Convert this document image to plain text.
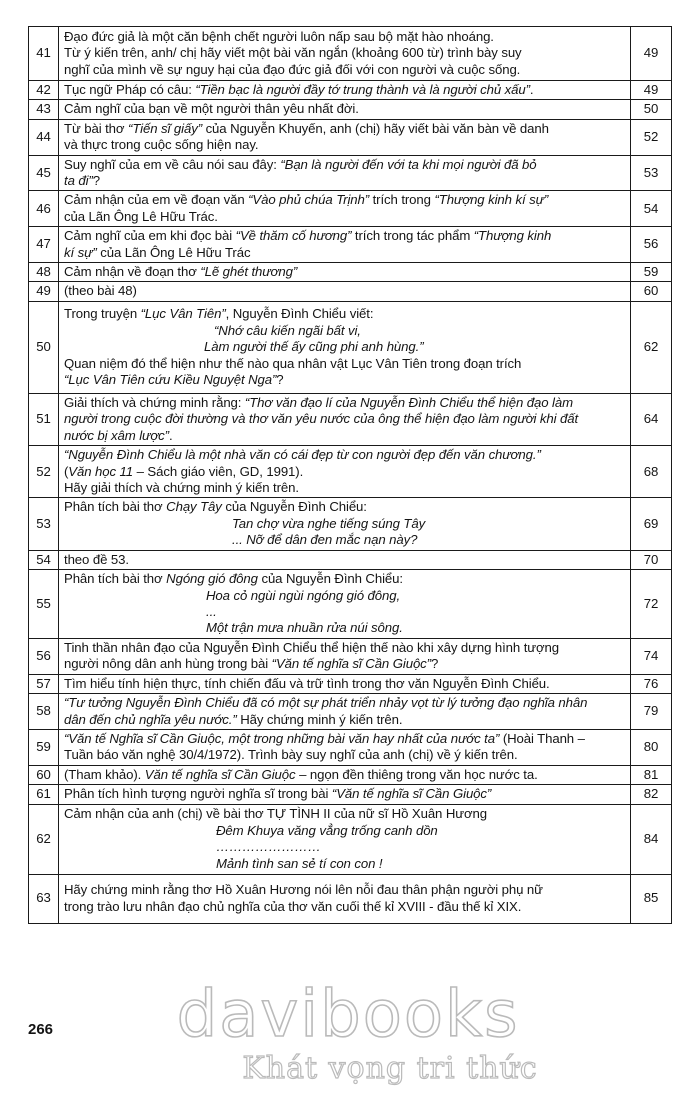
41	Đạo đức giả là một căn bệnh chết người luôn nấp sau bộ mặt hào nhoáng.
Từ ý kiến trên, anh/ chị hãy viết một bài văn ngắn (khoảng 600 từ) trình bày suy
nghĩ của mình về sự nguy hại của đạo đức giả đối với con người và cuộc sống.	49
42	Tục ngữ Pháp có câu: “Tiền bạc là người đầy tớ trung thành và là người chủ xấu”.	49
43	Cảm nghĩ của bạn về một người thân yêu nhất đời.	50
44	Từ bài thơ “Tiến sĩ giấy” của Nguyễn Khuyến, anh (chị) hãy viết bài văn bàn về danh
và thực trong cuộc sống hiện nay.	52
45	Suy nghĩ của em về câu nói sau đây: “Bạn là người đến với ta khi mọi người đã bỏ
ta đi”?	53
46	Cảm nhận của em về đoạn văn “Vào phủ chúa Trịnh” trích trong “Thượng kinh kí sự”
của Lãn Ông Lê Hữu Trác.	54
47	Cảm nghĩ của em khi đọc bài “Về thăm cố hương” trích trong tác phẩm “Thượng kinh
kí sự” của Lãn Ông Lê Hữu Trác	56
48	Cảm nhận về đoạn thơ “Lẽ ghét thương”	59
49	(theo bài 48)	60
50	Trong truyện “Lục Vân Tiên”, Nguyễn Đình Chiểu viết:
“Nhớ câu kiến ngãi bất vi,
Làm người thế ấy cũng phi anh hùng.”
Quan niệm đó thể hiện như thế nào qua nhân vật Lục Vân Tiên trong đoạn trích
“Lục Vân Tiên cứu Kiều Nguyệt Nga”?	62
51	Giải thích và chứng minh rằng: “Thơ văn đạo lí của Nguyễn Đình Chiểu thể hiện đạo làm
người trong cuộc đời thường và thơ văn yêu nước của ông thể hiện đạo làm người khi đất
nước bị xâm lược”.	64
52	“Nguyễn Đình Chiểu là một nhà văn có cái đẹp từ con người đẹp đến văn chương.”
(Văn học 11 – Sách giáo viên, GD, 1991).
Hãy giải thích và chứng minh ý kiến trên.	68
53	Phân tích bài thơ Chạy Tây của Nguyễn Đình Chiểu:
Tan chợ vừa nghe tiếng súng Tây
... Nỡ để dân đen mắc nạn này?	69
54	theo đề 53.	70
55	Phân tích bài thơ Ngóng gió đông của Nguyễn Đình Chiểu:
Hoa cỏ ngùi ngùi ngóng gió đông,
...
Một trận mưa nhuần rửa núi sông.	72
56	Tinh thần nhân đạo của Nguyễn Đình Chiểu thể hiện thế nào khi xây dựng hình tượng
người nông dân anh hùng trong bài “Văn tế nghĩa sĩ Cần Giuộc”?	74
57	Tìm hiểu tính hiện thực, tính chiến đấu và trữ tình trong thơ văn Nguyễn Đình Chiểu.	76
58	“Tư tưởng Nguyễn Đình Chiểu đã có một sự phát triển nhảy vọt từ lý tưởng đạo nghĩa nhân
dân đến chủ nghĩa yêu nước.” Hãy chứng minh ý kiến trên.	79
59	“Văn tế Nghĩa sĩ Cần Giuộc, một trong những bài văn hay nhất của nước ta” (Hoài Thanh –
Tuần báo văn nghệ 30/4/1972). Trình bày suy nghĩ của anh (chị) về ý kiến trên.	80
60	(Tham khảo). Văn tế nghĩa sĩ Cần Giuộc – ngọn đền thiêng trong văn học nước ta.	81
61	Phân tích hình tượng người nghĩa sĩ trong bài “Văn tế nghĩa sĩ Cần Giuộc”	82
62	Cảm nhận của anh (chị) về bài thơ TỰ TÌNH II của nữ sĩ Hồ Xuân Hương
Đêm Khuya văng vẳng trống canh dồn
……………………
Mảnh tình san sẻ tí con con !	84
63	Hãy chứng minh rằng thơ Hồ Xuân Hương nói lên nỗi đau thân phận người phụ nữ
trong trào lưu nhân đạo chủ nghĩa của thơ văn cuối thế kỉ XVIII - đầu thế kỉ XIX.	85
266	davibooks
Khát vọng tri thức
